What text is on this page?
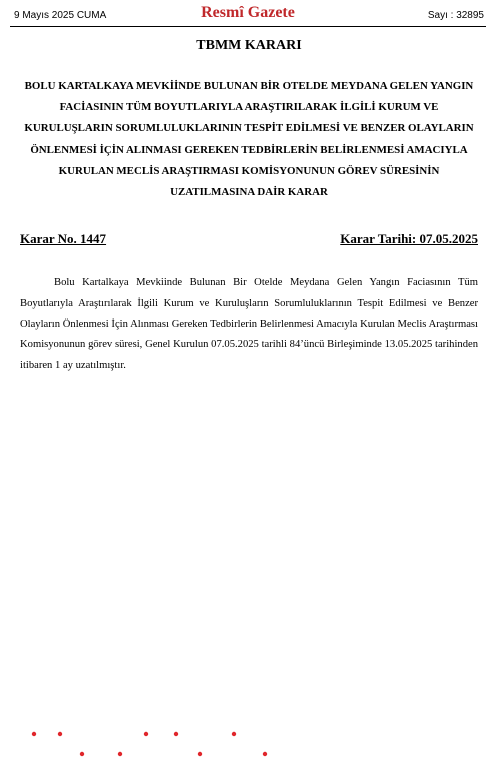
9 Mayıs 2025 CUMA	Resmî Gazete	Sayı : 32895
TBMM KARARI
BOLU KARTALKAYA MEVKİİNDE BULUNAN BİR OTELDE MEYDANA GELEN YANGIN FACİASININ TÜM BOYUTLARIYLA ARAŞTIRILARAK İLGİLİ KURUM VE KURULUŞLARIN SORUMLULUKLARININ TESPİT EDİLMESİ VE BENZER OLAYLARIN ÖNLENMESİ İÇİN ALINMASI GEREKEN TEDBİRLERİN BELİRLENMESİ AMACIYLA KURULAN MECLİS ARAŞTIRMASI KOMİSYONUNUN GÖREV SÜRESİNİN UZATILMASINA DAİR KARAR
Karar No. 1447	Karar Tarihi: 07.05.2025
Bolu Kartalkaya Mevkiinde Bulunan Bir Otelde Meydana Gelen Yangın Faciasının Tüm Boyutlarıyla Araştırılarak İlgili Kurum ve Kuruluşların Sorumluluklarının Tespit Edilmesi ve Benzer Olayların Önlenmesi İçin Alınması Gereken Tedbirlerin Belirlenmesi Amacıyla Kurulan Meclis Araştırması Komisyonunun görev süresi, Genel Kurulun 07.05.2025 tarihli 84’üncü Birleşiminde 13.05.2025 tarihinden itibaren 1 ay uzatılmıştır.
